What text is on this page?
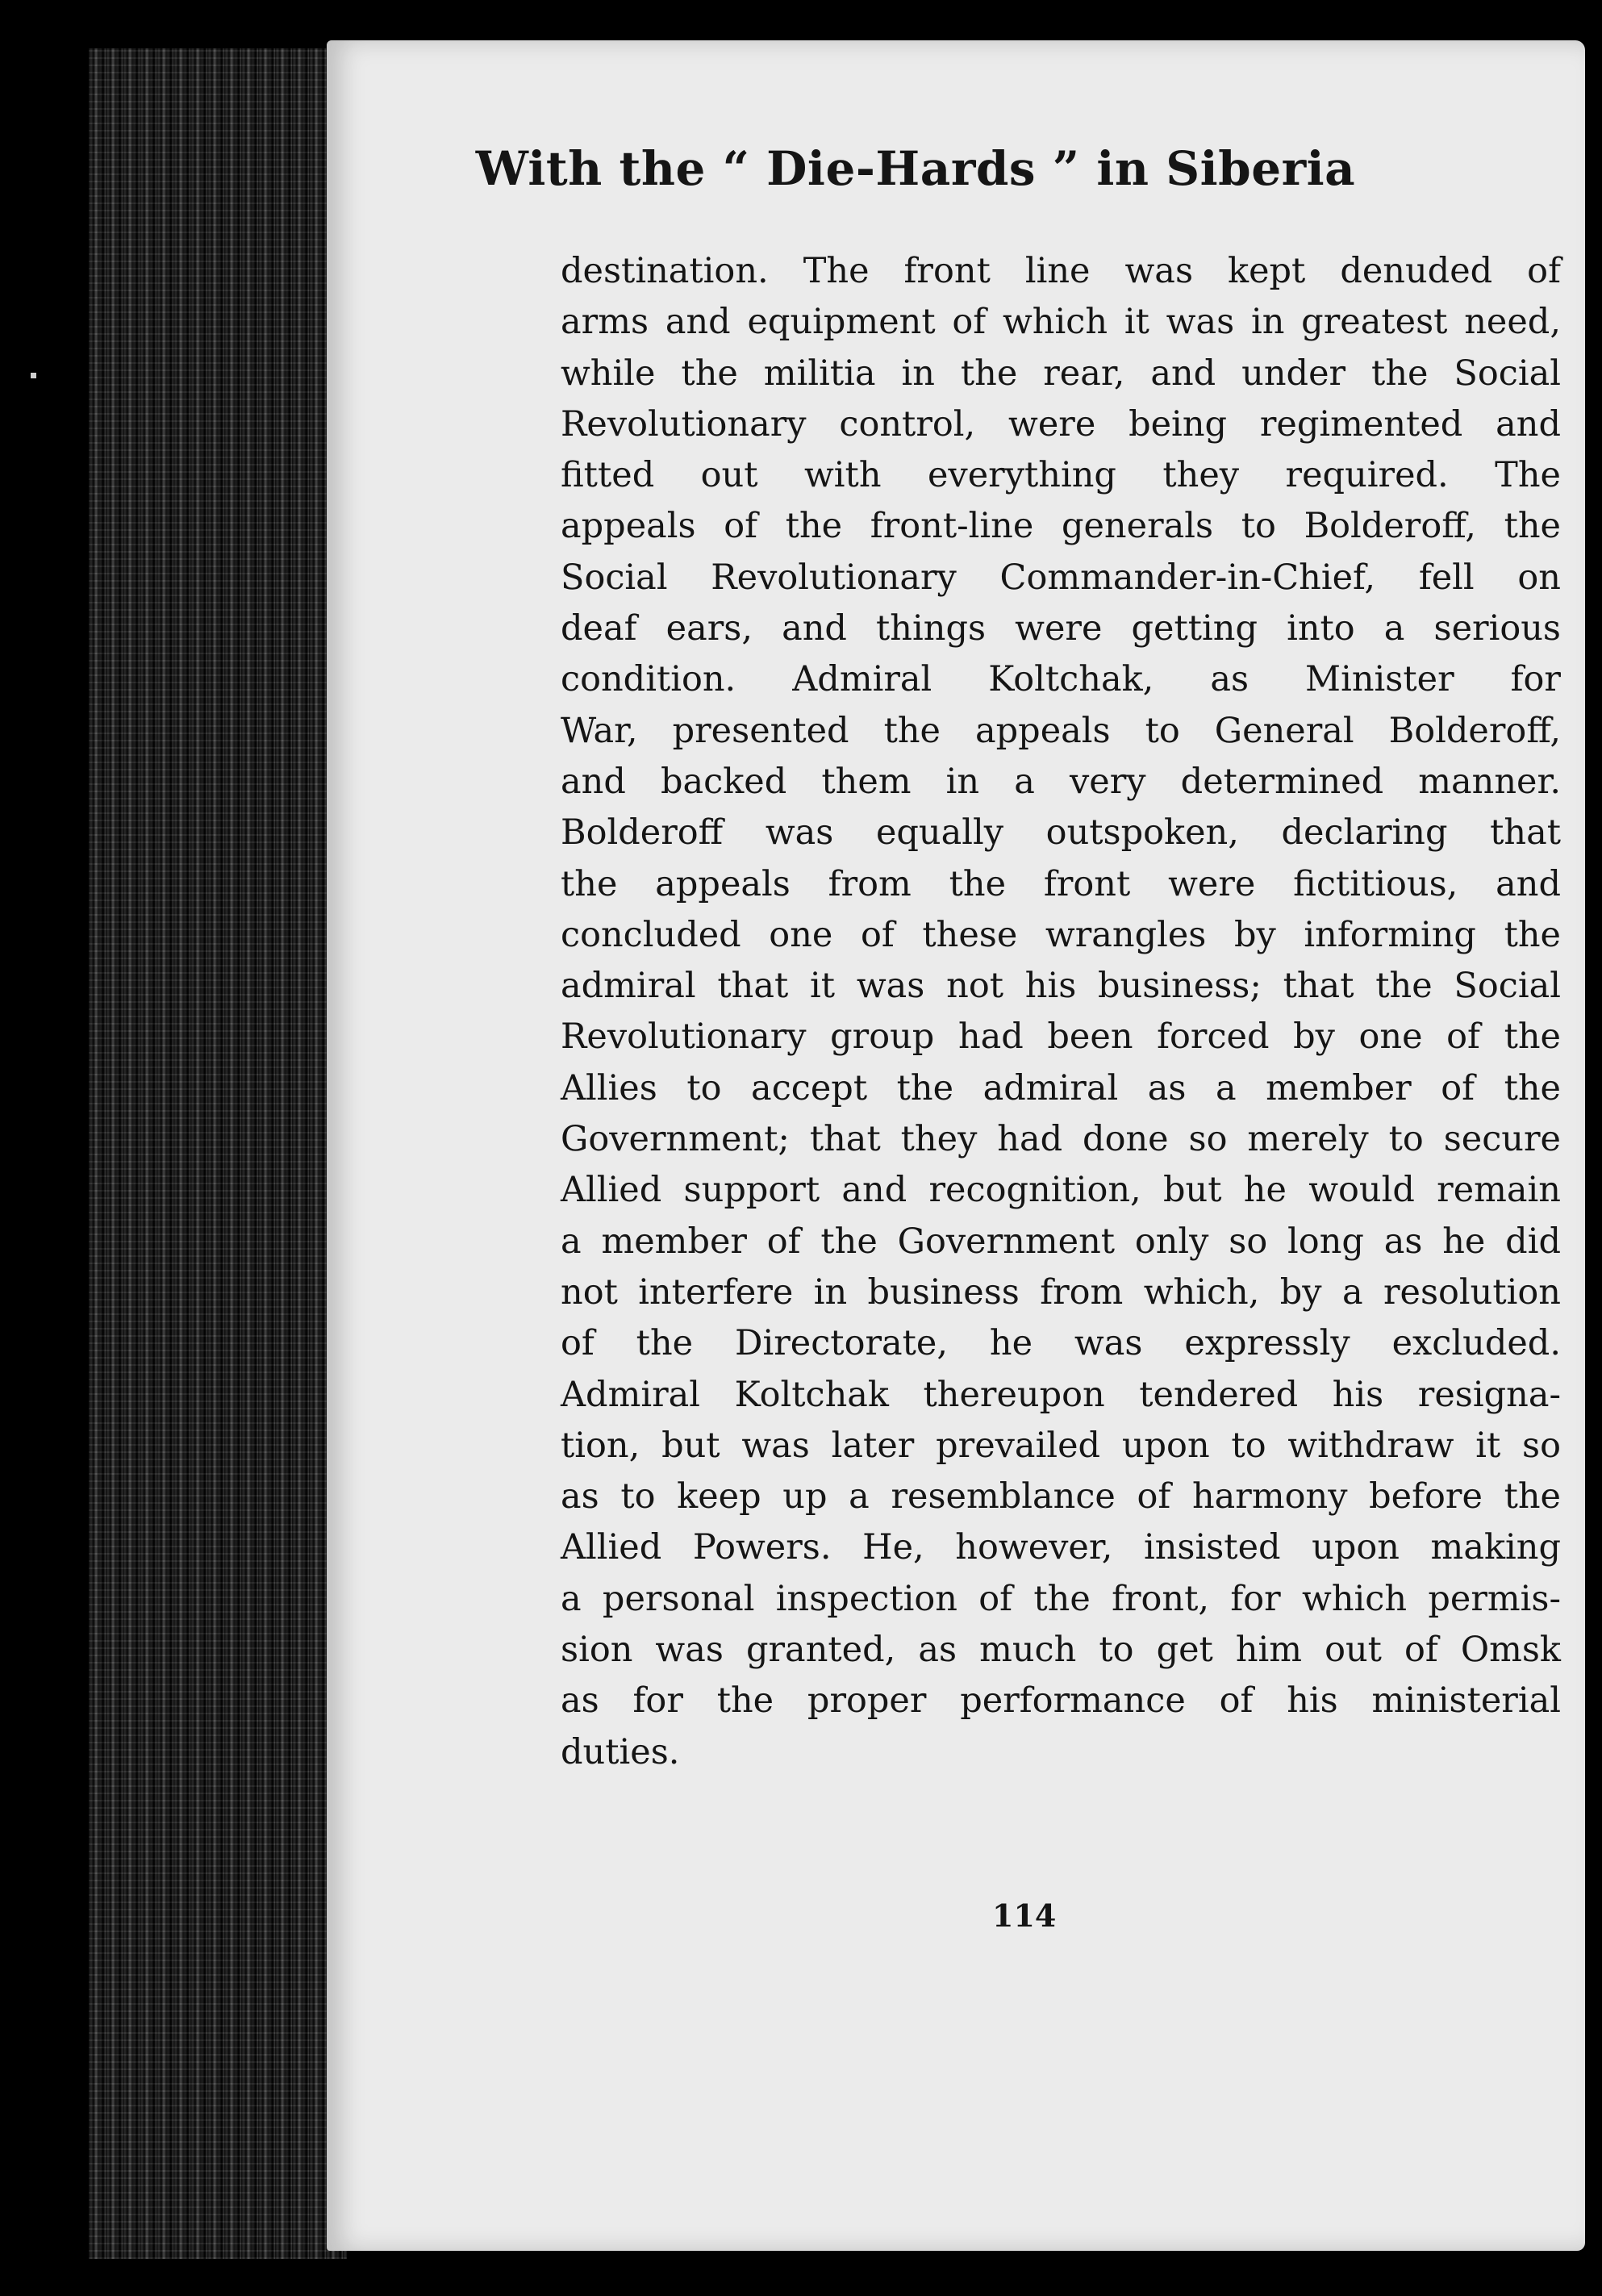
With the “ Die-Hards ” in Siberia
destination. The front line was kept denuded of
arms and equipment of which it was in greatest need,
while the militia in the rear, and under the Social
Revolutionary control, were being regimented and
fitted out with everything they required. The
appeals of the front-line generals to Bolderoff, the
Social Revolutionary Commander-in-Chief, fell on
deaf ears, and things were getting into a serious
condition. Admiral Koltchak, as Minister for
War, presented the appeals to General Bolderoff,
and backed them in a very determined manner.
Bolderoff was equally outspoken, declaring that
the appeals from the front were fictitious, and
concluded one of these wrangles by informing the
admiral that it was not his business; that the Social
Revolutionary group had been forced by one of the
Allies to accept the admiral as a member of the
Government; that they had done so merely to secure
Allied support and recognition, but he would remain
a member of the Government only so long as he did
not interfere in business from which, by a resolution
of the Directorate, he was expressly excluded.
Admiral Koltchak thereupon tendered his resigna-
tion, but was later prevailed upon to withdraw it so
as to keep up a resemblance of harmony before the
Allied Powers. He, however, insisted upon making
a personal inspection of the front, for which permis-
sion was granted, as much to get him out of Omsk
as for the proper performance of his ministerial
duties.
114
